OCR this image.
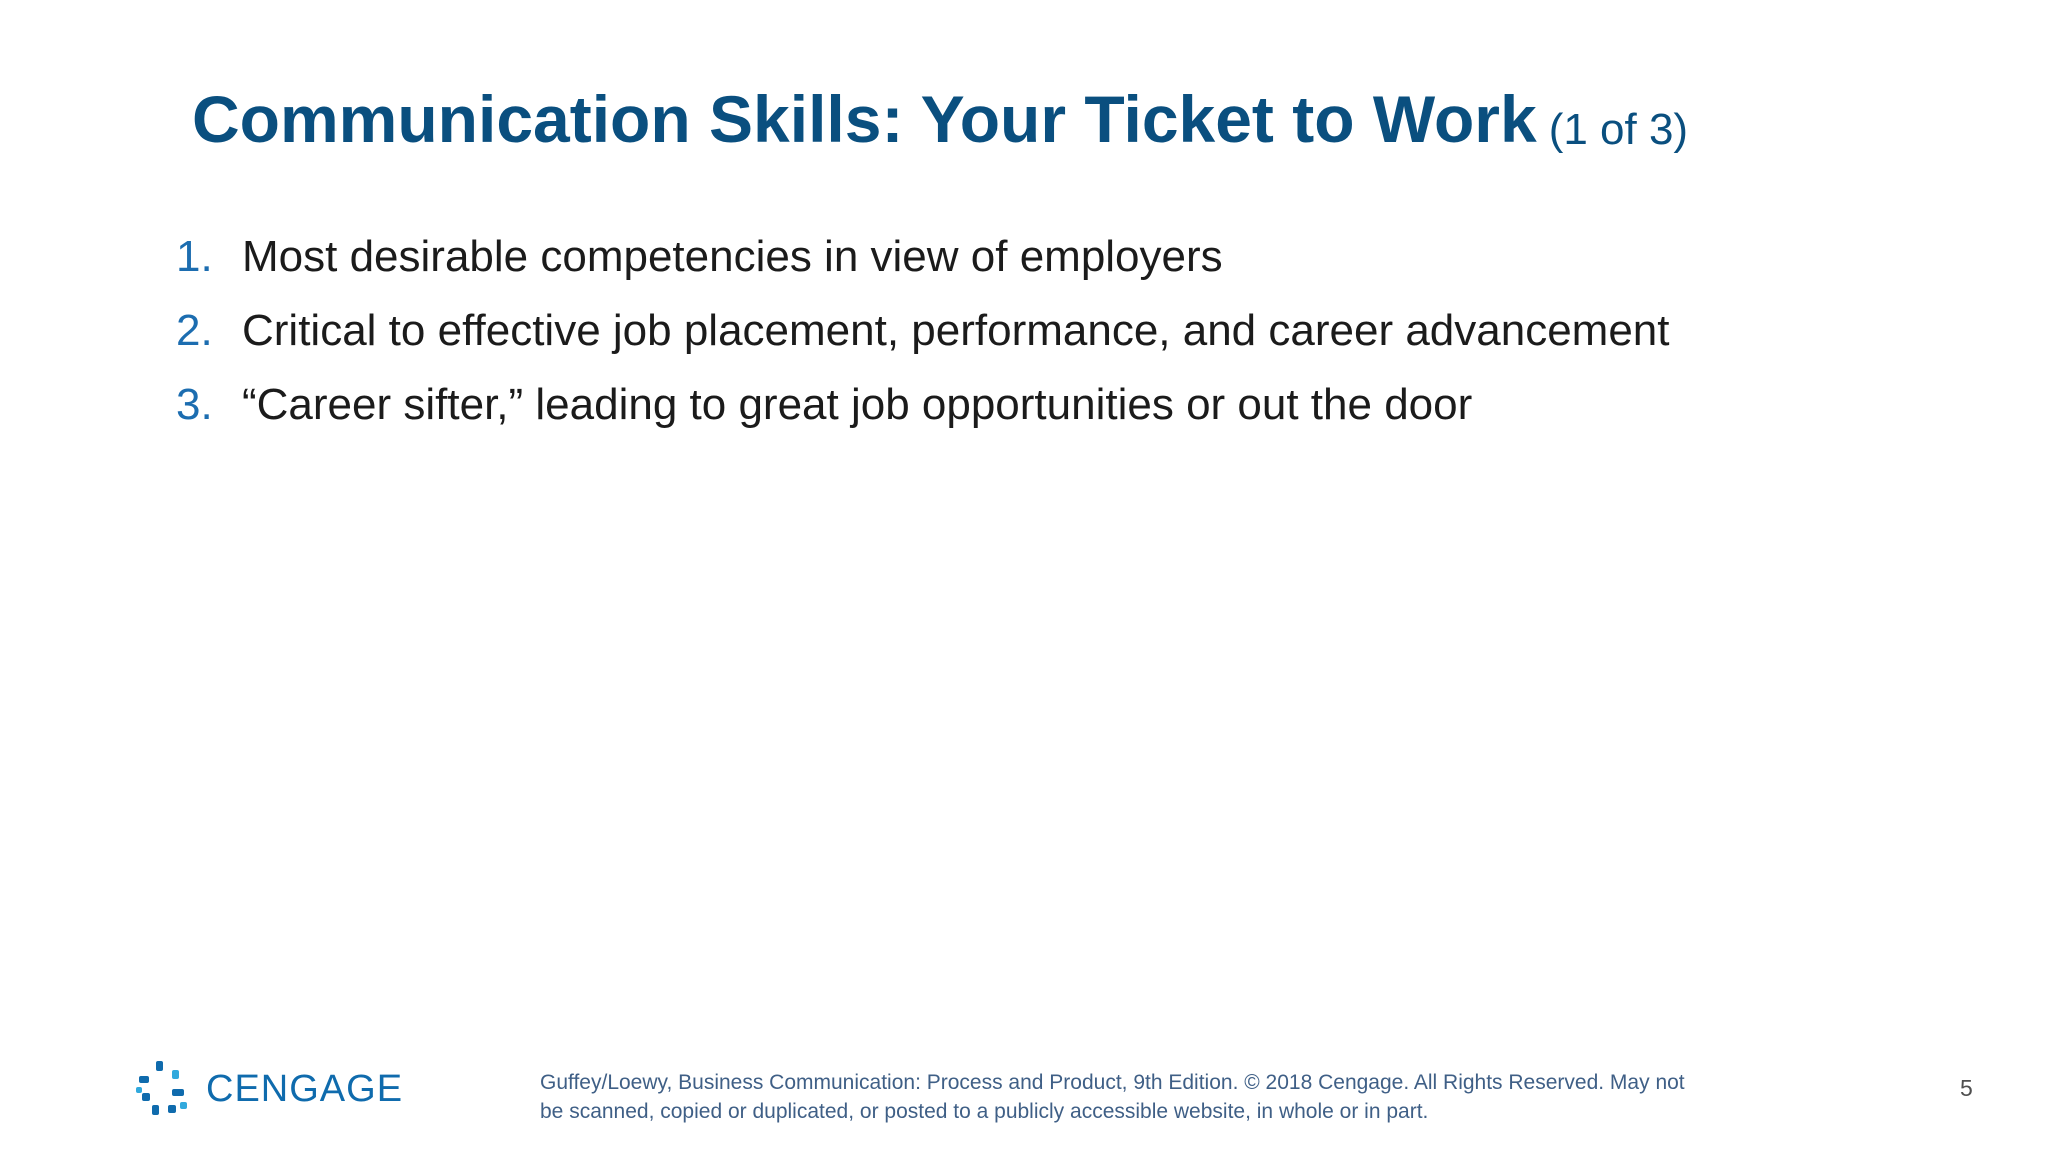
Communication Skills: Your Ticket to Work (1 of 3)
1. Most desirable competencies in view of employers
2. Critical to effective job placement, performance, and career advancement
3. “Career sifter,” leading to great job opportunities or out the door
CENGAGE	Guffey/Loewy, Business Communication: Process and Product, 9th Edition. © 2018 Cengage. All Rights Reserved. May not
be scanned, copied or duplicated, or posted to a publicly accessible website, in whole or in part.
5
